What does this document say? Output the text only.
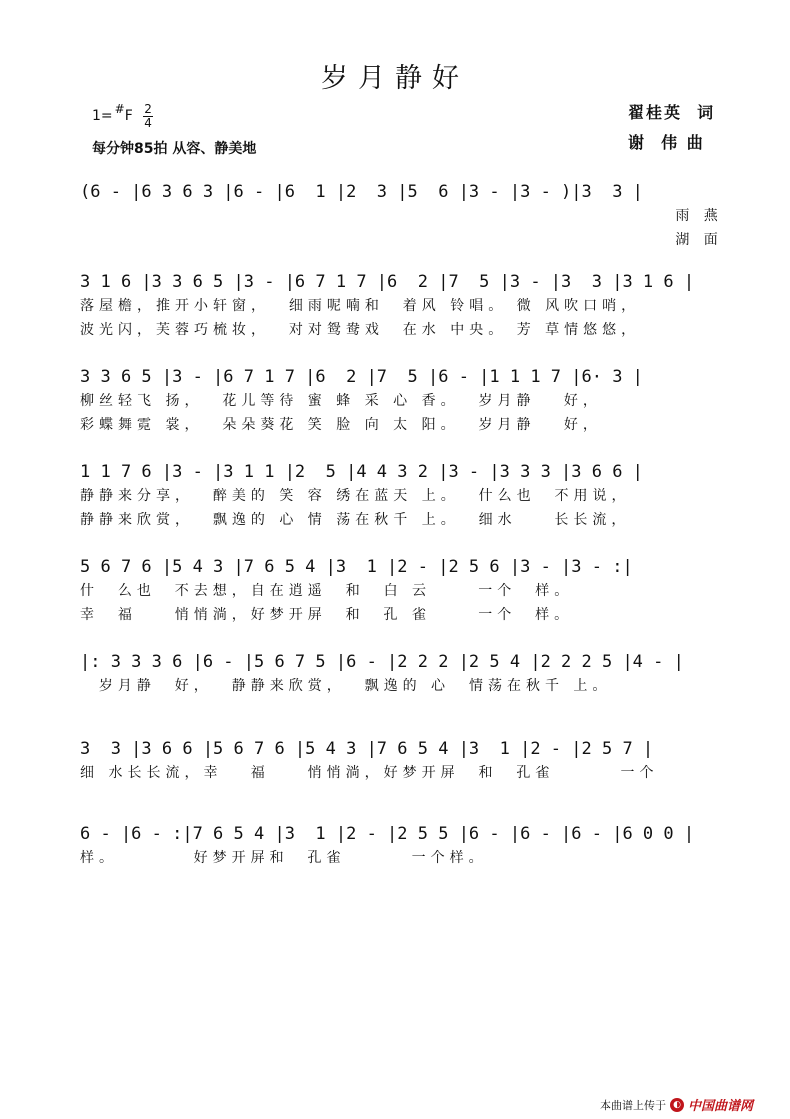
岁月静好
1= #F $\frac{2}{4}$
每分钟85拍 从容、静美地
翟桂英  词
谢  伟 曲
(6 - |6 3 6 3 |6 - |6  1 |2  3 |5  6 |3 - |3 - )|3  3 |
雨 燕
湖 面
3 1 6 |3 3 6 5 |3 - |6 7 1 7 |6  2 |7  5 |3 - |3  3 |3 1 6 |
落屋檐，推开小轩窗，  细雨呢喃和  着风 铃唱。 微 风吹口哨，
波光闪，芙蓉巧梳妆，  对对鸳鸯戏  在水 中央。 芳 草情悠悠，
3 3 6 5 |3 - |6 7 1 7 |6  2 |7  5 |6 - |1 1 1 7 |6· 3 |
柳丝轻飞 扬，  花儿等待 蜜 蜂 采 心 香。  岁月静   好，
彩蝶舞霓 裳，  朵朵葵花 笑 脸 向 太 阳。  岁月静   好，
1 1 7 6 |3 - |3 1 1 |2  5 |4 4 3 2 |3 - |3 3 3 |3 6 6 |
静静来分享，  醉美的 笑 容 绣在蓝天 上。  什么也  不用说，
静静来欣赏，  飘逸的 心 情 荡在秋千 上。  细水    长长流，
5 6 7 6 |5 4 3 |7 6 5 4 |3  1 |2 - |2 5 6 |3 - |3 - :|
什  么也  不去想，自在逍遥  和  白 云     一个  样。
幸  福    悄悄淌，好梦开屏  和  孔 雀     一个  样。
|: 3 3 3 6 |6 - |5 6 7 5 |6 - |2 2 2 |2 5 4 |2 2 2 5 |4 - |
岁月静  好，  静静来欣赏，  飘逸的 心  情荡在秋千 上。
3  3 |3 6 6 |5 6 7 6 |5 4 3 |7 6 5 4 |3  1 |2 - |2 5 7 |
细 水长长流，幸   福    悄悄淌，好梦开屏  和  孔雀       一个
6 - |6 - :|7 6 5 4 |3  1 |2 - |2 5 5 |6 - |6 - |6 - |6 0 0 |
样。        好梦开屏和  孔雀       一个样。
本曲谱上传于 ◐ 中国曲谱网
